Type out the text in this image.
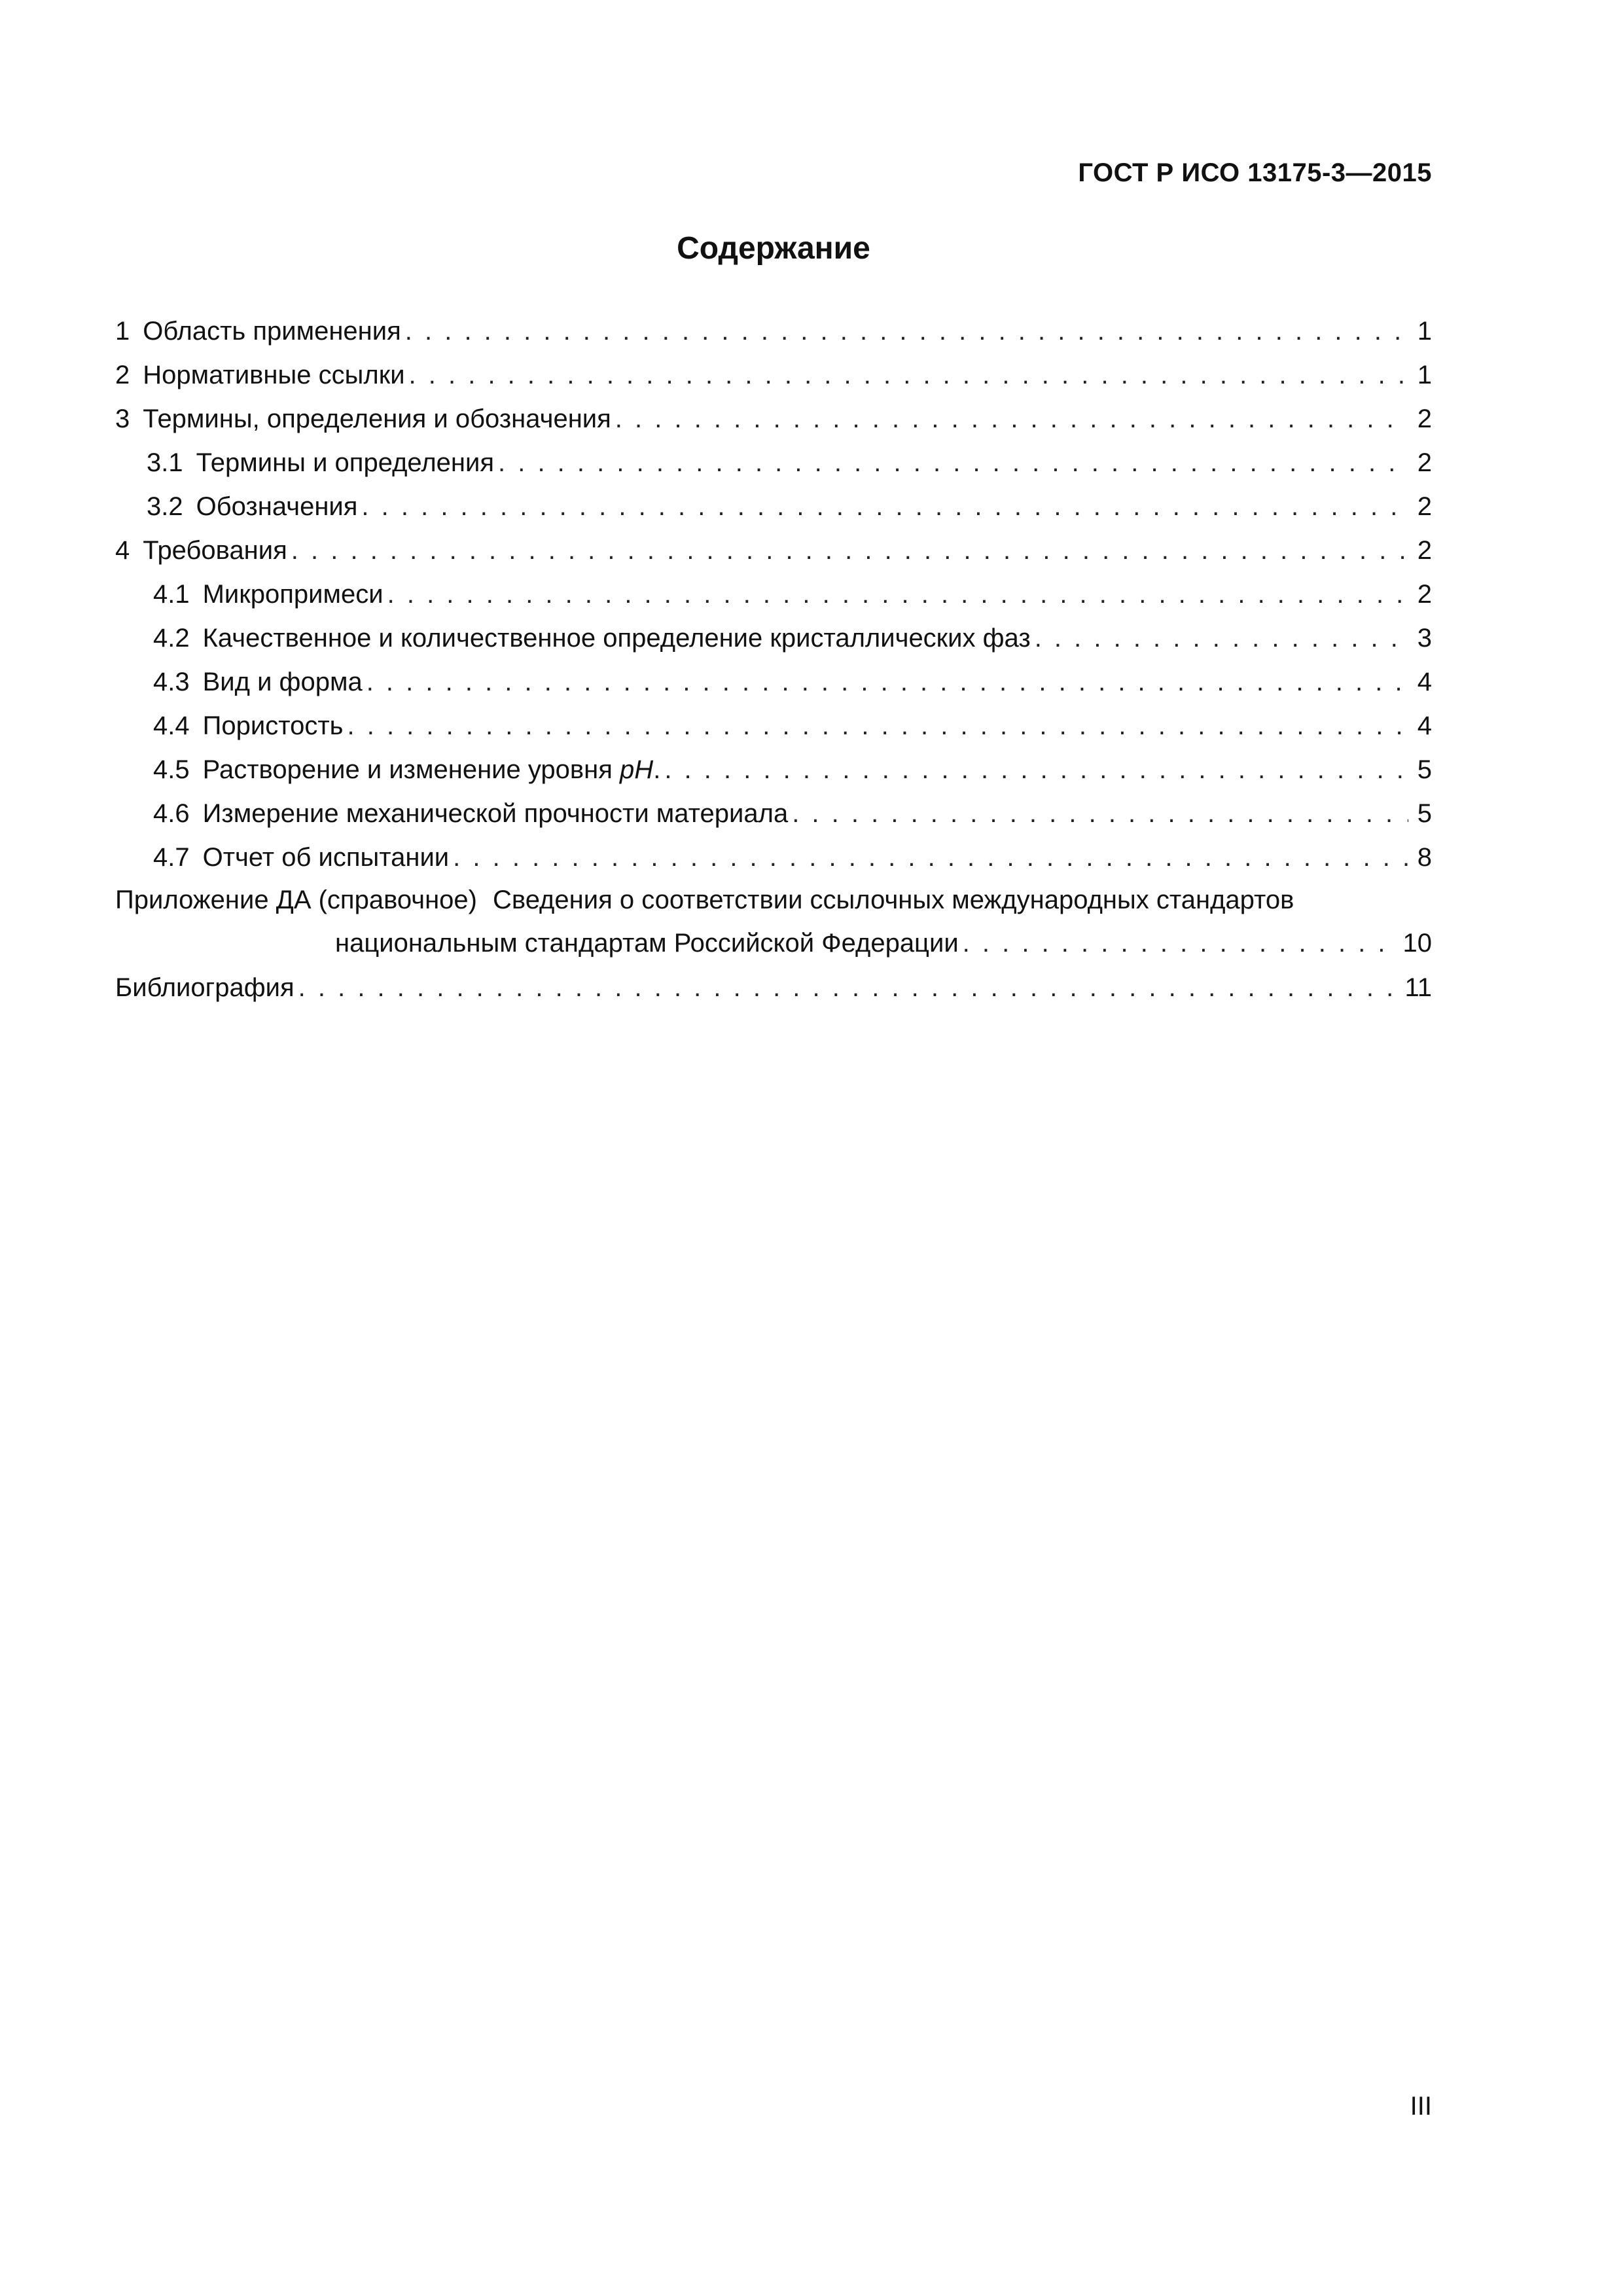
ГОСТ Р ИСО 13175-3—2015
Содержание
1 Область применения . . .	1
2 Нормативные ссылки . . .	1
3 Термины, определения и обозначения . . .	2
3.1 Термины и определения . . .	2
3.2 Обозначения . . .	2
4 Требования . . .	2
4.1 Микропримеси . . .	2
4.2 Качественное и количественное определение кристаллических фаз . . .	3
4.3 Вид и форма . . .	4
4.4 Пористость . . .	4
4.5 Растворение и изменение уровня pH. . . .	5
4.6 Измерение механической прочности материала . . .	5
4.7 Отчет об испытании . . .	8
Приложение ДА (справочное) Сведения о соответствии ссылочных международных стандартов
национальным стандартам Российской Федерации . . .	10
Библиография . . .	11
III
